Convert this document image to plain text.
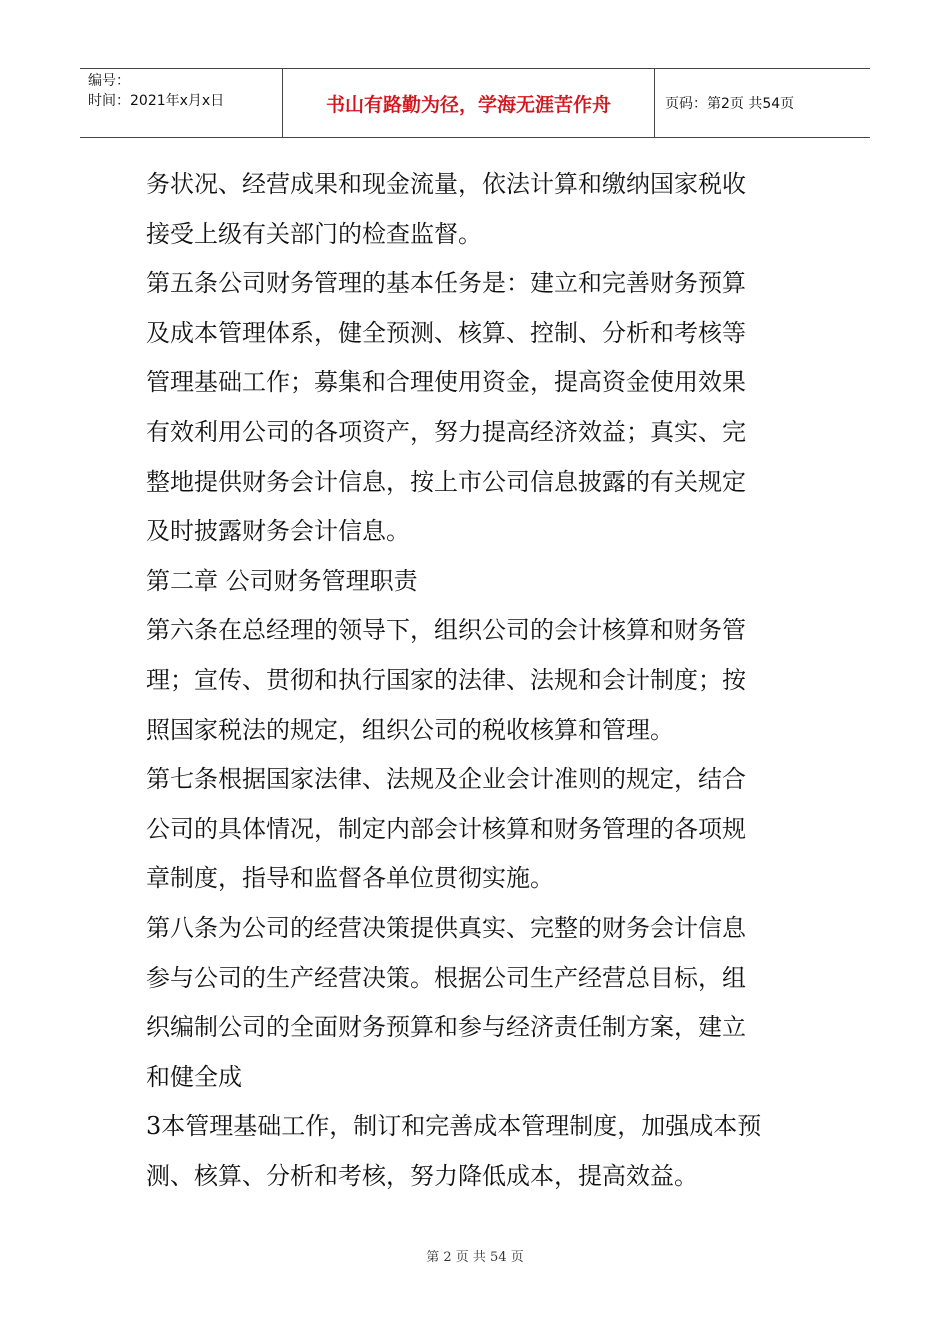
编号：
时间：2021年x月x日	书山有路勤为径，学海无涯苦作舟	页码：第2页 共54页

务状况、经营成果和现金流量，依法计算和缴纳国家税收

接受上级有关部门的检查监督。

第五条公司财务管理的基本任务是：建立和完善财务预算

及成本管理体系，健全预测、核算、控制、分析和考核等

管理基础工作；募集和合理使用资金，提高资金使用效果

有效利用公司的各项资产，努力提高经济效益；真实、完

整地提供财务会计信息，按上市公司信息披露的有关规定

及时披露财务会计信息。

第二章 公司财务管理职责

第六条在总经理的领导下，组织公司的会计核算和财务管

理；宣传、贯彻和执行国家的法律、法规和会计制度；按

照国家税法的规定，组织公司的税收核算和管理。

第七条根据国家法律、法规及企业会计准则的规定，结合

公司的具体情况，制定内部会计核算和财务管理的各项规

章制度，指导和监督各单位贯彻实施。

第八条为公司的经营决策提供真实、完整的财务会计信息

参与公司的生产经营决策。根据公司生产经营总目标，组

织编制公司的全面财务预算和参与经济责任制方案，建立

和健全成

3本管理基础工作，制订和完善成本管理制度，加强成本预

测、核算、分析和考核，努力降低成本，提高效益。

第 2 页 共 54 页
